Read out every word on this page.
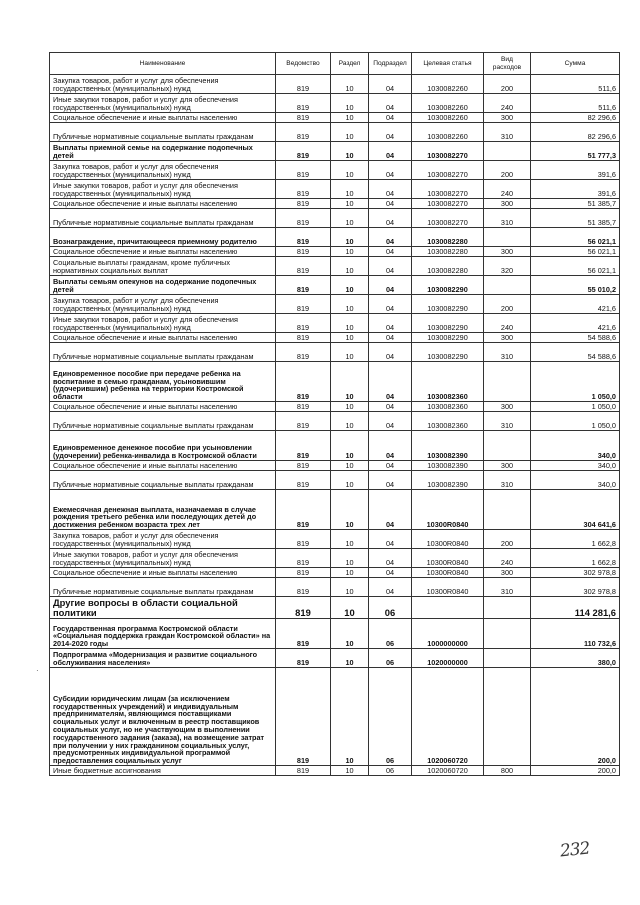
Наименование	Ведомство	Раздел	Подраздел	Целевая статья	Вид расходов	Сумма
Закупка товаров, работ и услуг для обеспечения государственных (муниципальных) нужд	819	10	04	1030082260	200	511,6
Иные закупки товаров, работ и услуг для обеспечения государственных (муниципальных) нужд	819	10	04	1030082260	240	511,6
Социальное обеспечение и иные выплаты населению	819	10	04	1030082260	300	82 296,6
Публичные нормативные социальные выплаты гражданам	819	10	04	1030082260	310	82 296,6
Выплаты приемной семье на содержание подопечных детей	819	10	04	1030082270		51 777,3
Закупка товаров, работ и услуг для обеспечения государственных (муниципальных) нужд	819	10	04	1030082270	200	391,6
Иные закупки товаров, работ и услуг для обеспечения государственных (муниципальных) нужд	819	10	04	1030082270	240	391,6
Социальное обеспечение и иные выплаты населению	819	10	04	1030082270	300	51 385,7
Публичные нормативные социальные выплаты гражданам	819	10	04	1030082270	310	51 385,7
Вознаграждение, причитающееся приемному родителю	819	10	04	1030082280		56 021,1
Социальное обеспечение и иные выплаты населению	819	10	04	1030082280	300	56 021,1
Социальные выплаты гражданам, кроме публичных нормативных социальных выплат	819	10	04	1030082280	320	56 021,1
Выплаты семьям опекунов на содержание подопечных детей	819	10	04	1030082290		55 010,2
Закупка товаров, работ и услуг для обеспечения государственных (муниципальных) нужд	819	10	04	1030082290	200	421,6
Иные закупки товаров, работ и услуг для обеспечения государственных (муниципальных) нужд	819	10	04	1030082290	240	421,6
Социальное обеспечение и иные выплаты населению	819	10	04	1030082290	300	54 588,6
Публичные нормативные социальные выплаты гражданам	819	10	04	1030082290	310	54 588,6
Единовременное пособие при передаче ребенка на воспитание в семью гражданам, усыновившим (удочерившим) ребенка на территории Костромской области	819	10	04	1030082360		1 050,0
Социальное обеспечение и иные выплаты населению	819	10	04	1030082360	300	1 050,0
Публичные нормативные социальные выплаты гражданам	819	10	04	1030082360	310	1 050,0
Единовременное денежное пособие при усыновлении (удочерении) ребенка-инвалида в Костромской области	819	10	04	1030082390		340,0
Социальное обеспечение и иные выплаты населению	819	10	04	1030082390	300	340,0
Публичные нормативные социальные выплаты гражданам	819	10	04	1030082390	310	340,0
Ежемесячная денежная выплата, назначаемая в случае рождения третьего ребенка или последующих детей до достижения ребенком возраста трех лет	819	10	04	10300R0840		304 641,6
Закупка товаров, работ и услуг для обеспечения государственных (муниципальных) нужд	819	10	04	10300R0840	200	1 662,8
Иные закупки товаров, работ и услуг для обеспечения государственных (муниципальных) нужд	819	10	04	10300R0840	240	1 662,8
Социальное обеспечение и иные выплаты населению	819	10	04	10300R0840	300	302 978,8
Публичные нормативные социальные выплаты гражданам	819	10	04	10300R0840	310	302 978,8
Другие вопросы в области социальной политики	819	10	06			114 281,6
Государственная программа Костромской области «Социальная поддержка граждан Костромской области» на 2014-2020 годы	819	10	06	1000000000		110 732,6
Подпрограмма «Модернизация и развитие социального обслуживания населения»	819	10	06	1020000000		380,0
Субсидии юридическим лицам (за исключением государственных учреждений) и индивидуальным предпринимателям, являющимся поставщиками социальных услуг и включенным в реестр поставщиков социальных услуг, но не участвующим в выполнении государственного задания (заказа), на возмещение затрат при получении у них гражданином социальных услуг, предусмотренных индивидуальной программой предоставления социальных услуг	819	10	06	1020060720		200,0
Иные бюджетные ассигнования	819	10	06	1020060720	800	200,0
·
232
